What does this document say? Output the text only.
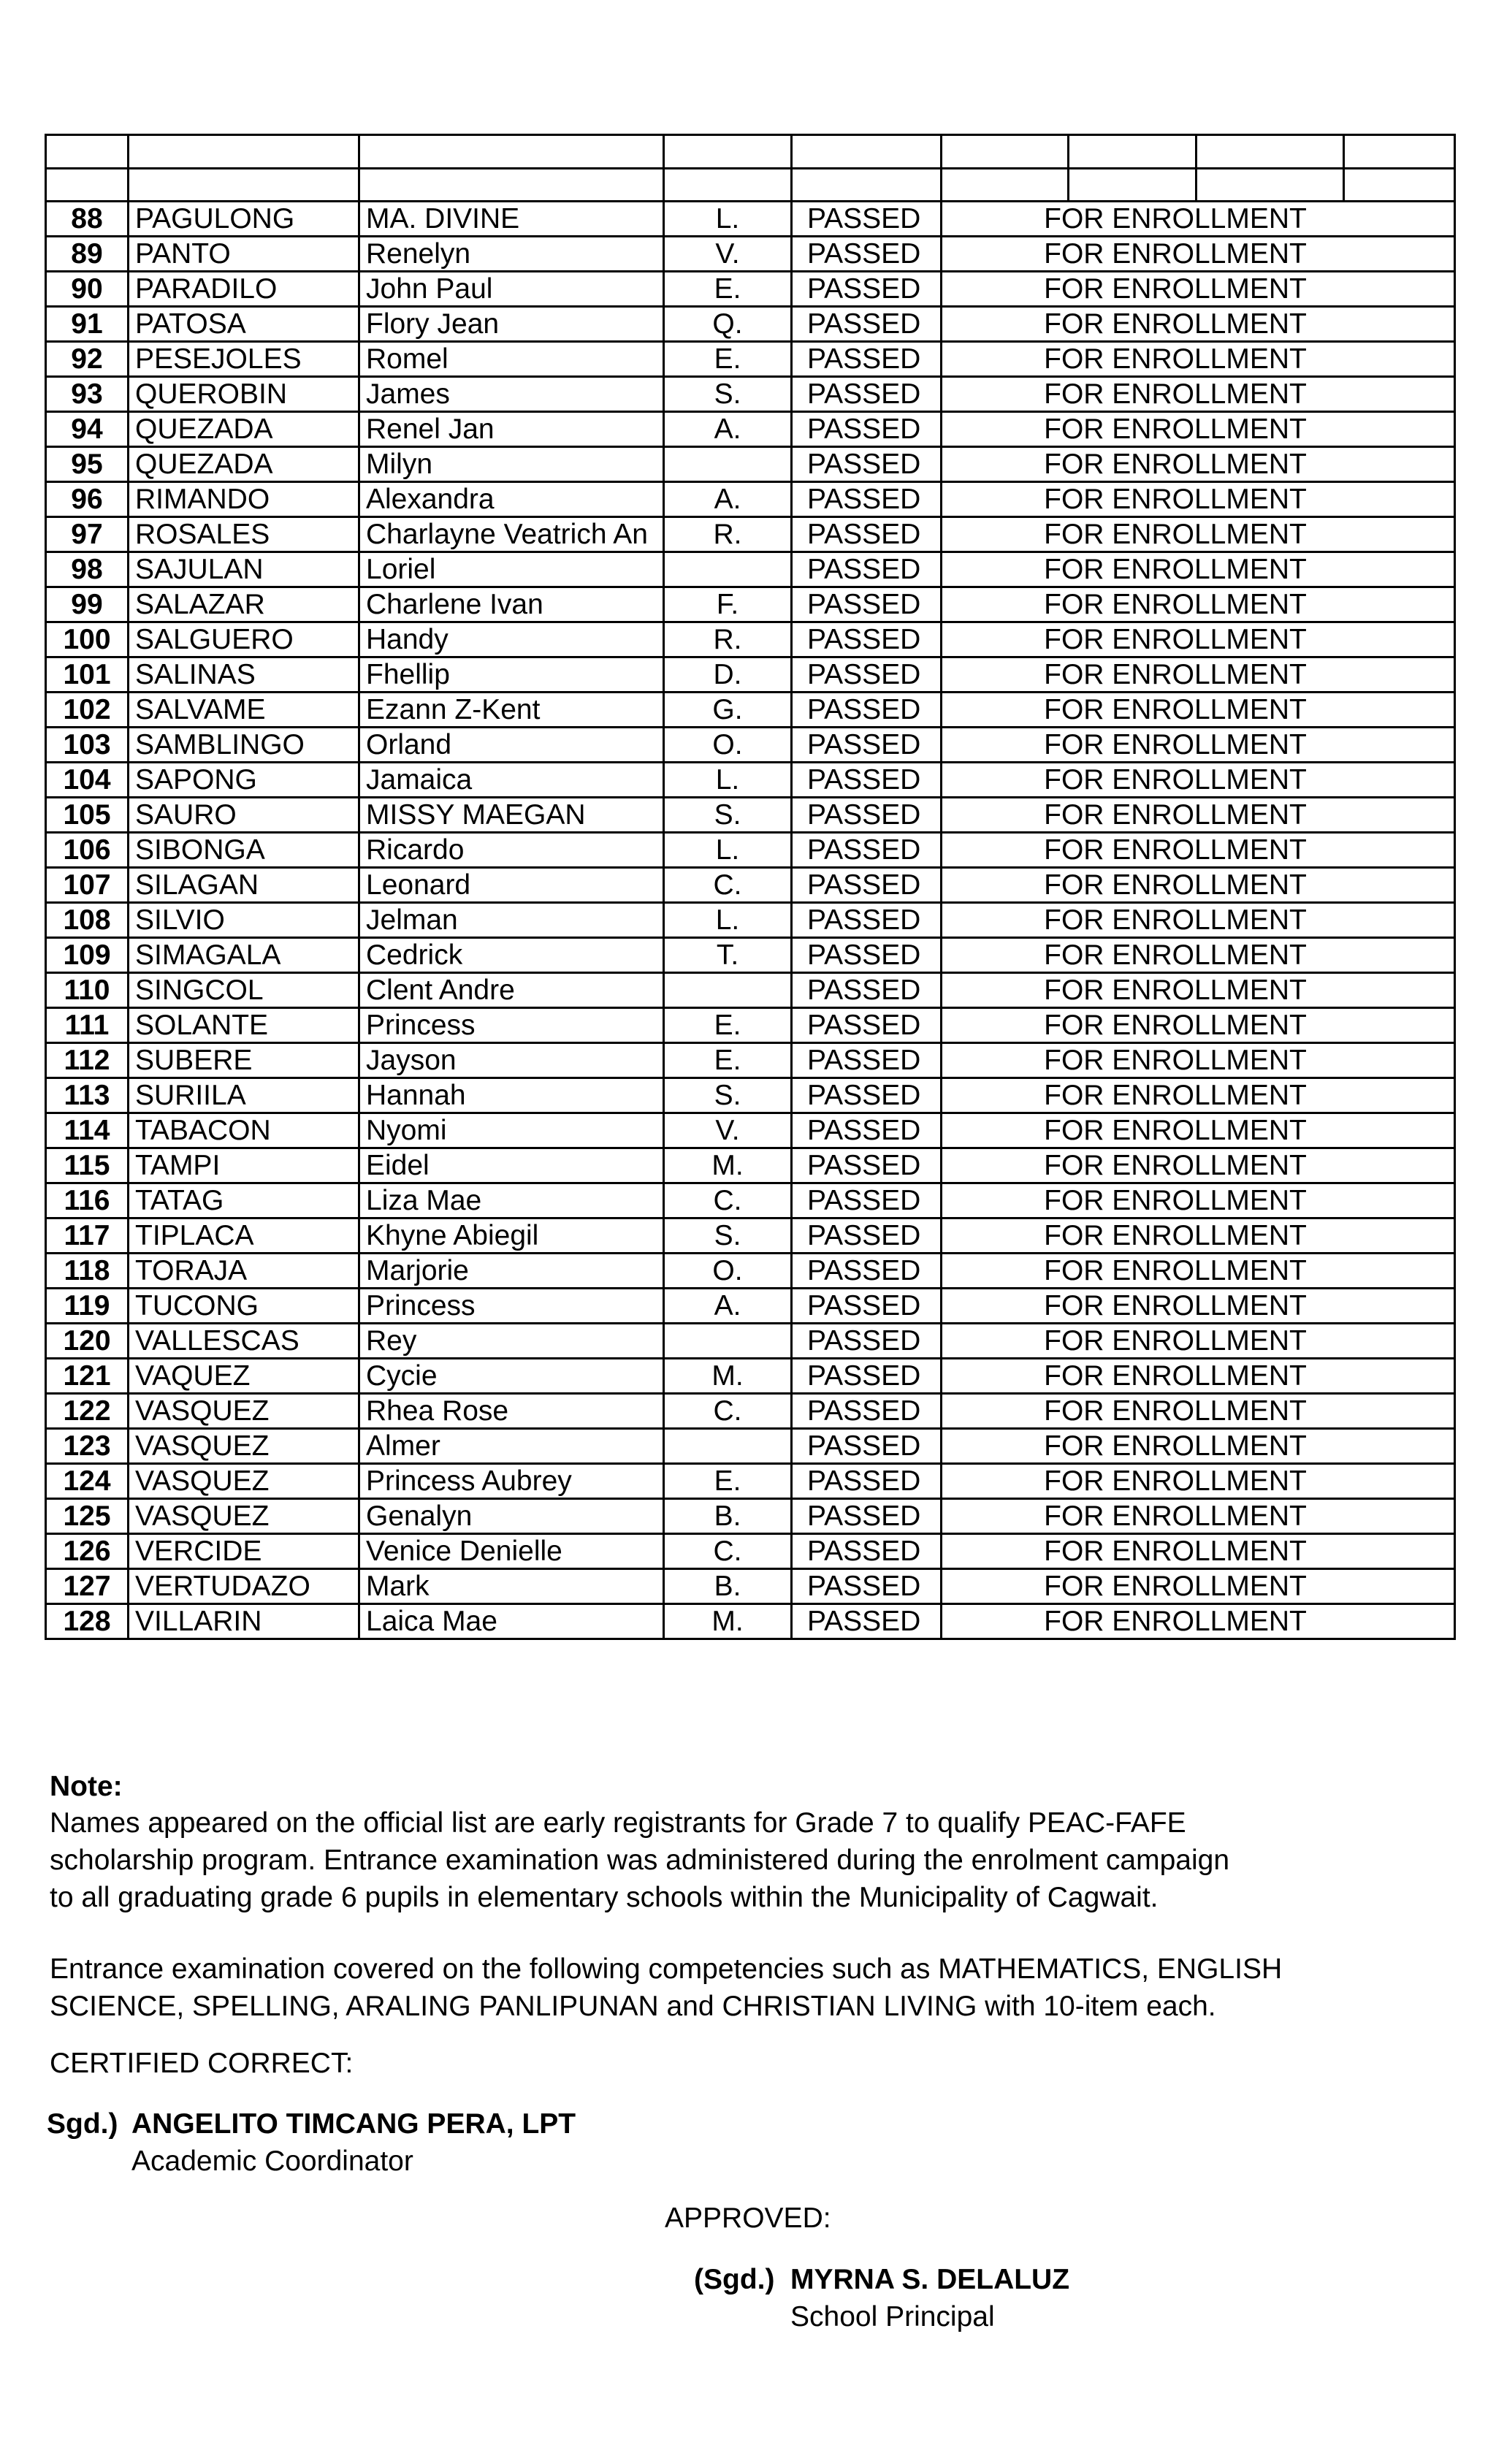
88	PAGULONG	MA. DIVINE	L.	PASSED	FOR ENROLLMENT			
89	PANTO	Renelyn	V.	PASSED	FOR ENROLLMENT			
90	PARADILO	John Paul	E.	PASSED	FOR ENROLLMENT			
91	PATOSA	Flory Jean	Q.	PASSED	FOR ENROLLMENT			
92	PESEJOLES	Romel	E.	PASSED	FOR ENROLLMENT			
93	QUEROBIN	James	S.	PASSED	FOR ENROLLMENT			
94	QUEZADA	Renel Jan	A.	PASSED	FOR ENROLLMENT			
95	QUEZADA	Milyn		PASSED	FOR ENROLLMENT			
96	RIMANDO	Alexandra	A.	PASSED	FOR ENROLLMENT			
97	ROSALES	Charlayne Veatrich An	R.	PASSED	FOR ENROLLMENT			
98	SAJULAN	Loriel		PASSED	FOR ENROLLMENT			
99	SALAZAR	Charlene Ivan	F.	PASSED	FOR ENROLLMENT			
100	SALGUERO	Handy	R.	PASSED	FOR ENROLLMENT			
101	SALINAS	Fhellip	D.	PASSED	FOR ENROLLMENT			
102	SALVAME	Ezann Z-Kent	G.	PASSED	FOR ENROLLMENT			
103	SAMBLINGO	Orland	O.	PASSED	FOR ENROLLMENT			
104	SAPONG	Jamaica	L.	PASSED	FOR ENROLLMENT			
105	SAURO	MISSY MAEGAN	S.	PASSED	FOR ENROLLMENT			
106	SIBONGA	Ricardo	L.	PASSED	FOR ENROLLMENT			
107	SILAGAN	Leonard	C.	PASSED	FOR ENROLLMENT			
108	SILVIO	Jelman	L.	PASSED	FOR ENROLLMENT			
109	SIMAGALA	Cedrick	T.	PASSED	FOR ENROLLMENT			
110	SINGCOL	Clent Andre		PASSED	FOR ENROLLMENT			
111	SOLANTE	Princess	E.	PASSED	FOR ENROLLMENT			
112	SUBERE	Jayson	E.	PASSED	FOR ENROLLMENT			
113	SURIILA	Hannah	S.	PASSED	FOR ENROLLMENT			
114	TABACON	Nyomi	V.	PASSED	FOR ENROLLMENT			
115	TAMPI	Eidel	M.	PASSED	FOR ENROLLMENT			
116	TATAG	Liza Mae	C.	PASSED	FOR ENROLLMENT			
117	TIPLACA	Khyne Abiegil	S.	PASSED	FOR ENROLLMENT			
118	TORAJA	Marjorie	O.	PASSED	FOR ENROLLMENT			
119	TUCONG	Princess	A.	PASSED	FOR ENROLLMENT			
120	VALLESCAS	Rey		PASSED	FOR ENROLLMENT			
121	VAQUEZ	Cycie	M.	PASSED	FOR ENROLLMENT			
122	VASQUEZ	Rhea Rose	C.	PASSED	FOR ENROLLMENT			
123	VASQUEZ	Almer		PASSED	FOR ENROLLMENT			
124	VASQUEZ	Princess Aubrey	E.	PASSED	FOR ENROLLMENT			
125	VASQUEZ	Genalyn	B.	PASSED	FOR ENROLLMENT			
126	VERCIDE	Venice Denielle	C.	PASSED	FOR ENROLLMENT			
127	VERTUDAZO	Mark	B.	PASSED	FOR ENROLLMENT			
128	VILLARIN	Laica Mae	M.	PASSED	FOR ENROLLMENT			
Note:
Names appeared on the official list are early registrants for Grade 7 to qualify PEAC-FAFE
scholarship program. Entrance examination was administered during the enrolment campaign
to all graduating grade 6 pupils in elementary schools within the Municipality of Cagwait.
Entrance examination covered on the following competencies such as MATHEMATICS, ENGLISH
SCIENCE, SPELLING, ARALING PANLIPUNAN and CHRISTIAN LIVING with 10-item each.
CERTIFIED CORRECT:
Sgd.) ANGELITO TIMCANG PERA, LPT
Academic Coordinator
APPROVED:
(Sgd.) MYRNA S. DELALUZ
School Principal
